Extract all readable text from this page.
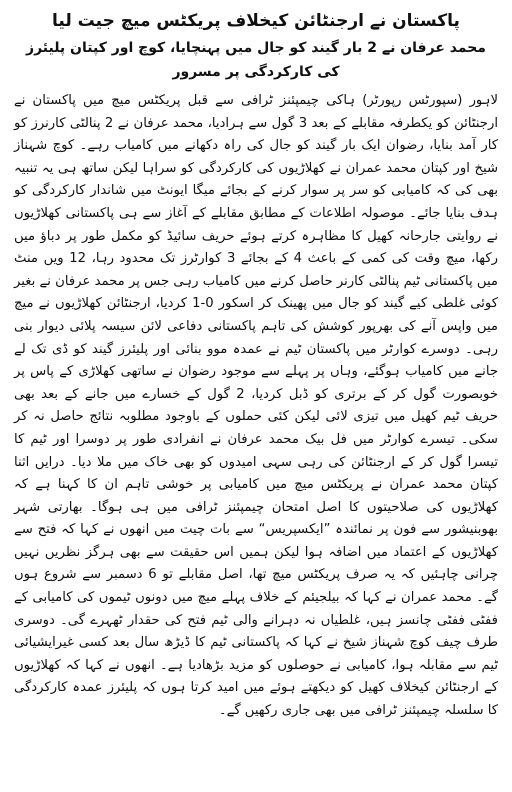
پاکستان نے ارجنٹائن کیخلاف پریکٹس میچ جیت لیا
محمد عرفان نے 2 بار گیند کو جال میں پہنچایا، کوچ اور کپتان پلیئرز کی کارکردگی پر مسرور

لاہور (سپورٹس رپورٹر) ہاکی چیمپئنز ٹرافی سے قبل پریکٹس میچ میں پاکستان نے ارجنٹائن کو یکطرفہ مقابلے کے بعد 3 گول سے ہرادیا، محمد عرفان نے 2 پنالٹی کارنرز کو کار آمد بنایا، رضوان ایک بار گیند کو جال کی راہ دکھانے میں کامیاب رہے۔ کوچ شہناز شیخ اور کپتان محمد عمران نے کھلاڑیوں کی کارکردگی کو سراہا لیکن ساتھ ہی یہ تنبیہ بھی کی کہ کامیابی کو سر پر سوار کرنے کے بجائے میگا ایونٹ میں شاندار کارکردگی کو ہدف بنایا جائے۔ موصولہ اطلاعات کے مطابق مقابلے کے آغاز سے ہی پاکستانی کھلاڑیوں نے روایتی جارحانہ کھیل کا مظاہرہ کرتے ہوئے حریف سائیڈ کو مکمل طور پر دباؤ میں رکھا، میچ وقت کی کمی کے باعث 4 کے بجائے 3 کوارٹرز تک محدود رہا، 12 ویں منٹ میں پاکستانی ٹیم پنالٹی کارنر حاصل کرنے میں کامیاب رہی جس پر محمد عرفان نے بغیر کوئی غلطی کیے گیند کو جال میں پھینک کر اسکور 0-1 کردیا، ارجنٹائن کھلاڑیوں نے میچ میں واپس آنے کی بھرپور کوشش کی تاہم پاکستانی دفاعی لائن سیسہ پلائی دیوار بنی رہی۔ دوسرے کوارٹر میں پاکستان ٹیم نے عمدہ موو بنائی اور پلیئرز گیند کو ڈی تک لے جانے میں کامیاب ہوگئے، وہاں پر پہلے سے موجود رضوان نے ساتھی کھلاڑی کے پاس پر خوبصورت گول کر کے برتری کو ڈبل کردیا، 2 گول کے خسارے میں جانے کے بعد بھی حریف ٹیم کھیل میں تیزی لائی لیکن کئی حملوں کے باوجود مطلوبہ نتائج حاصل نہ کر سکی۔ تیسرے کوارٹر میں فل بیک محمد عرفان نے انفرادی طور پر دوسرا اور ٹیم کا تیسرا گول کر کے ارجنٹائن کی رہی سہی امیدوں کو بھی خاک میں ملا دیا۔ درایں اثنا کپتان محمد عمران نے پریکٹس میچ میں کامیابی پر خوشی تاہم ان کا کہنا ہے کہ کھلاڑیوں کی صلاحیتوں کا اصل امتحان چیمپئنز ٹرافی میں ہی ہوگا۔ بھارتی شہر بھوبنیشور سے فون پر نمائندہ ”ایکسپریس“ سے بات چیت میں انھوں نے کہا کہ فتح سے کھلاڑیوں کے اعتماد میں اضافہ ہوا لیکن ہمیں اس حقیقت سے بھی ہرگز نظریں نہیں چرانی چاہئیں کہ یہ صرف پریکٹس میچ تھا، اصل مقابلے تو 6 دسمبر سے شروع ہوں گے۔ محمد عمران نے کہا کہ بیلجیئم کے خلاف پہلے میچ میں دونوں ٹیموں کی کامیابی کے ففٹی ففٹی چانسز ہیں، غلطیاں نہ دہرانے والی ٹیم فتح کی حقدار ٹھہرے گی۔ دوسری طرف چیف کوچ شہناز شیخ نے کہا کہ پاکستانی ٹیم کا ڈیڑھ سال بعد کسی غیرایشیائی ٹیم سے مقابلہ ہوا، کامیابی نے حوصلوں کو مزید بڑھادیا ہے۔ انھوں نے کہا کہ کھلاڑیوں کے ارجنٹائن کیخلاف کھیل کو دیکھتے ہوئے میں امید کرتا ہوں کہ پلیئرز عمدہ کارکردگی کا سلسلہ چیمپئنز ٹرافی میں بھی جاری رکھیں گے۔
